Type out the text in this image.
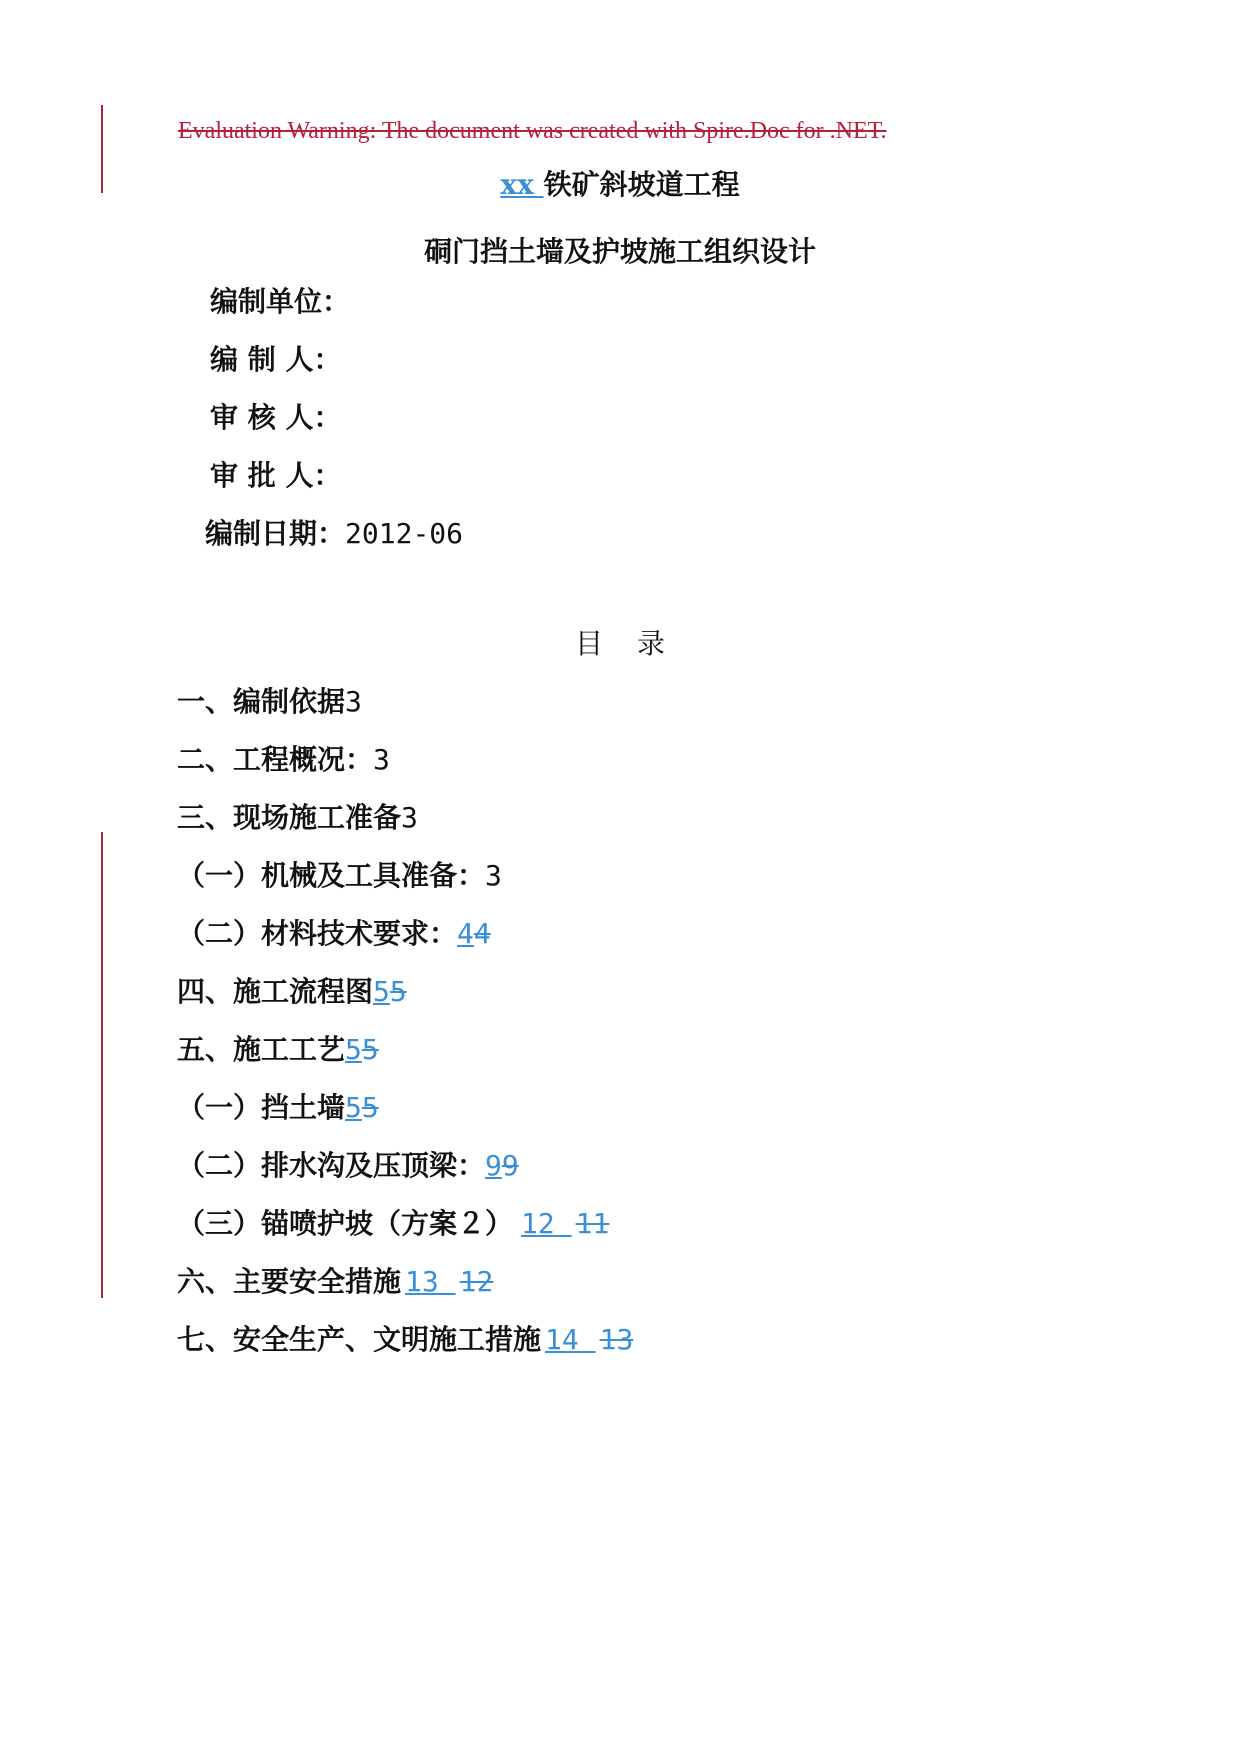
Evaluation Warning: The document was created with Spire.Doc for .NET.
xx 铁矿斜坡道工程
硐门挡土墙及护坡施工组织设计
编制单位：
编 制 人：
审 核 人：
审 批 人：
编制日期：2012-06
目 录
一、编制依据3
二、工程概况：3
三、现场施工准备3
（一）机械及工具准备：3
（二）材料技术要求：44
四、施工流程图55
五、施工工艺55
（一）挡土墙55
（二）排水沟及压顶梁：99
（三）锚喷护坡（方案２） 12 11
六、主要安全措施 13 12
七、安全生产、文明施工措施 14 13
